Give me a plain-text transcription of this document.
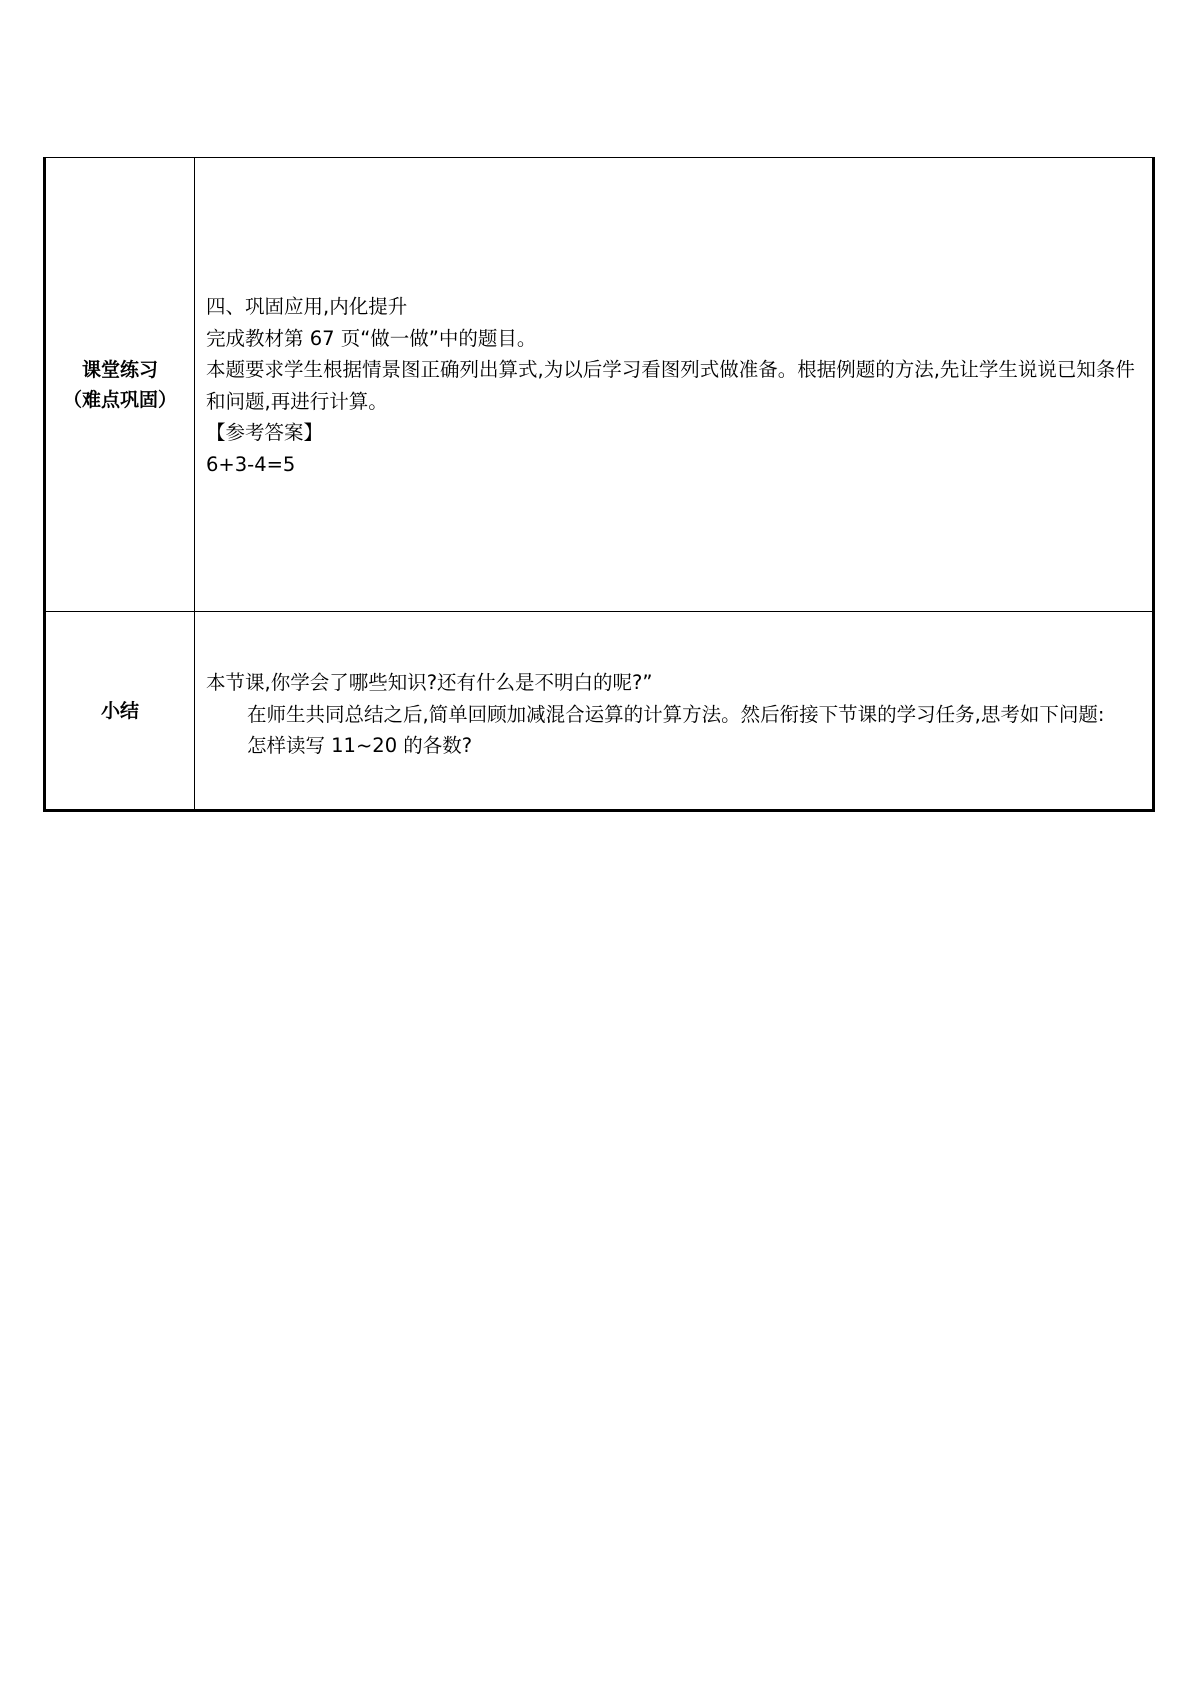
课堂练习
（难点巩固）	四、巩固应用,内化提升
完成教材第 67 页“做一做”中的题目。
本题要求学生根据情景图正确列出算式,为以后学习看图列式做准备。根据例题的方法,先让学生说说已知条件和问题,再进行计算。
【参考答案】
6+3-4=5

小结	本节课,你学会了哪些知识?还有什么是不明白的呢?”
在师生共同总结之后,简单回顾加减混合运算的计算方法。然后衔接下节课的学习任务,思考如下问题:
怎样读写 11~20 的各数?
